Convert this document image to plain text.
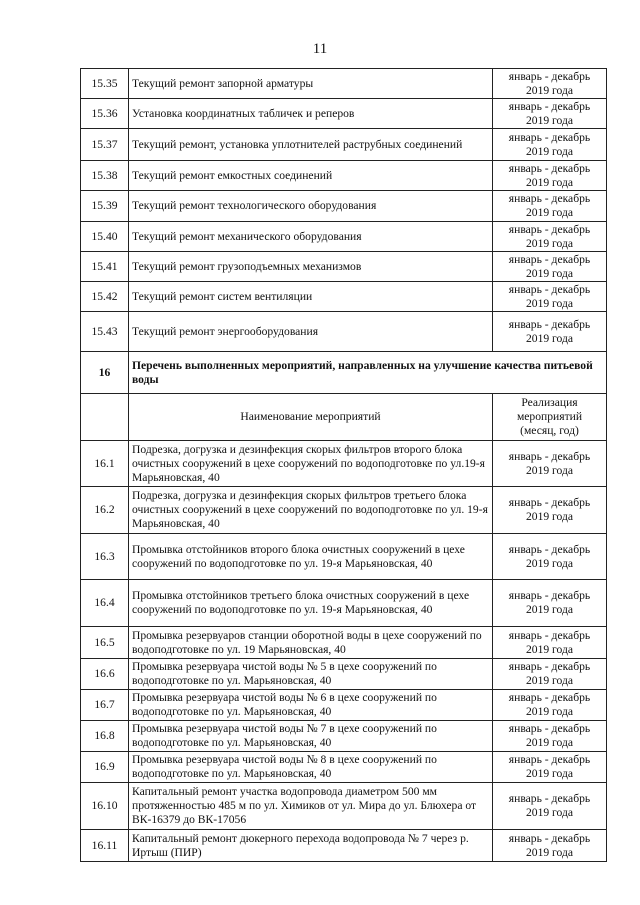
11
15.35	Текущий ремонт запорной арматуры	январь - декабрь
2019 года
15.36	Установка координатных табличек и реперов	январь - декабрь
2019 года
15.37	Текущий ремонт, установка уплотнителей раструбных соединений	январь - декабрь
2019 года
15.38	Текущий ремонт емкостных соединений	январь - декабрь
2019 года
15.39	Текущий ремонт технологического оборудования	январь - декабрь
2019 года
15.40	Текущий ремонт механического оборудования	январь - декабрь
2019 года
15.41	Текущий ремонт грузоподъемных механизмов	январь - декабрь
2019 года
15.42	Текущий ремонт систем вентиляции	январь - декабрь
2019 года
15.43	Текущий ремонт энергооборудования	январь - декабрь
2019 года
16	Перечень выполненных мероприятий, направленных на улучшение качества питьевой воды	
	Наименование мероприятий	Реализация
мероприятий
(месяц, год)
16.1	Подрезка, догрузка и дезинфекция скорых фильтров второго блока очистных сооружений в цехе сооружений по водоподготовке по ул.19-я Марьяновская, 40	январь - декабрь
2019 года
16.2	Подрезка, догрузка и дезинфекция скорых фильтров третьего блока очистных сооружений в цехе сооружений по водоподготовке по ул. 19-я Марьяновская, 40	январь - декабрь
2019 года
16.3	Промывка отстойников второго блока очистных сооружений в цехе сооружений по водоподготовке по ул. 19-я Марьяновская, 40	январь - декабрь
2019 года
16.4	Промывка отстойников третьего блока очистных сооружений в цехе сооружений по водоподготовке по ул. 19-я Марьяновская, 40	январь - декабрь
2019 года
16.5	Промывка резервуаров станции оборотной воды в цехе сооружений по водоподготовке по ул. 19 Марьяновская, 40	январь - декабрь
2019 года
16.6	Промывка резервуара чистой воды № 5 в цехе сооружений по водоподготовке по ул. Марьяновская, 40	январь - декабрь
2019 года
16.7	Промывка резервуара чистой воды № 6 в цехе сооружений по водоподготовке по ул. Марьяновская, 40	январь - декабрь
2019 года
16.8	Промывка резервуара чистой воды № 7 в цехе сооружений по водоподготовке по ул. Марьяновская, 40	январь - декабрь
2019 года
16.9	Промывка резервуара чистой воды № 8 в цехе сооружений по водоподготовке по ул. Марьяновская, 40	январь - декабрь
2019 года
16.10	Капитальный ремонт участка водопровода диаметром 500 мм протяженностью 485 м по ул. Химиков от ул. Мира до ул. Блюхера от ВК-16379 до ВК-17056	январь - декабрь
2019 года
16.11	Капитальный ремонт дюкерного перехода водопровода № 7 через р. Иртыш (ПИР)	январь - декабрь
2019 года
